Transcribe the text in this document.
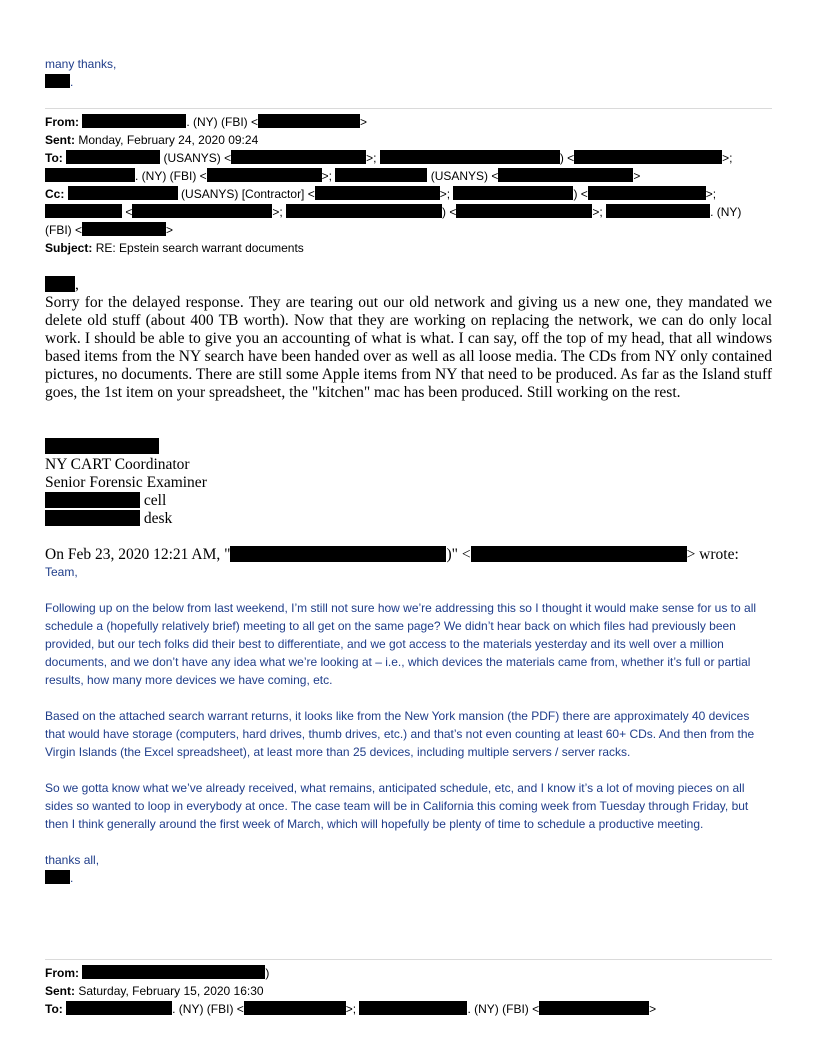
many thanks,
.
From:	. (NY) (FBI) <	>
Sent: Monday, February 24, 2020 09:24
To:	(USANYS) <	>;	) <	>;
. (NY) (FBI) <	>;	(USANYS) <	>
Cc:	(USANYS) [Contractor] <	>;	) <	>;
<	>;	) <	>;	. (NY)
(FBI) <	>
Subject: RE: Epstein search warrant documents
,

Sorry for the delayed response. They are tearing out our old network and giving us a new one, they mandated we delete old stuff (about 400 TB worth). Now that they are working on replacing the network, we can do only local work. I should be able to give you an accounting of what is what. I can say, off the top of my head, that all windows based items from the NY search have been handed over as well as all loose media. The CDs from NY only contained pictures, no documents. There are still some Apple items from NY that need to be produced. As far as the Island stuff goes, the 1st item on your spreadsheet, the "kitchen" mac has been produced. Still working on the rest.

NY CART Coordinator
Senior Forensic Examiner
cell
desk
On Feb 23, 2020 12:21 AM, "	)" <	> wrote:

Team,

Following up on the below from last weekend, I’m still not sure how we’re addressing this so I thought it would make sense for us to all schedule a (hopefully relatively brief) meeting to all get on the same page? We didn’t hear back on which files had previously been provided, but our tech folks did their best to differentiate, and we got access to the materials yesterday and its well over a million documents, and we don’t have any idea what we’re looking at – i.e., which devices the materials came from, whether it’s full or partial results, how many more devices we have coming, etc.

Based on the attached search warrant returns, it looks like from the New York mansion (the PDF) there are approximately 40 devices that would have storage (computers, hard drives, thumb drives, etc.) and that’s not even counting at least 60+ CDs. And then from the Virgin Islands (the Excel spreadsheet), at least more than 25 devices, including multiple servers / server racks.

So we gotta know what we’ve already received, what remains, anticipated schedule, etc, and I know it’s a lot of moving pieces on all sides so wanted to loop in everybody at once. The case team will be in California this coming week from Tuesday through Friday, but then I think generally around the first week of March, which will hopefully be plenty of time to schedule a productive meeting.

thanks all,

.
From:	)
Sent: Saturday, February 15, 2020 16:30
To:	. (NY) (FBI) <	>;	. (NY) (FBI) <	>
